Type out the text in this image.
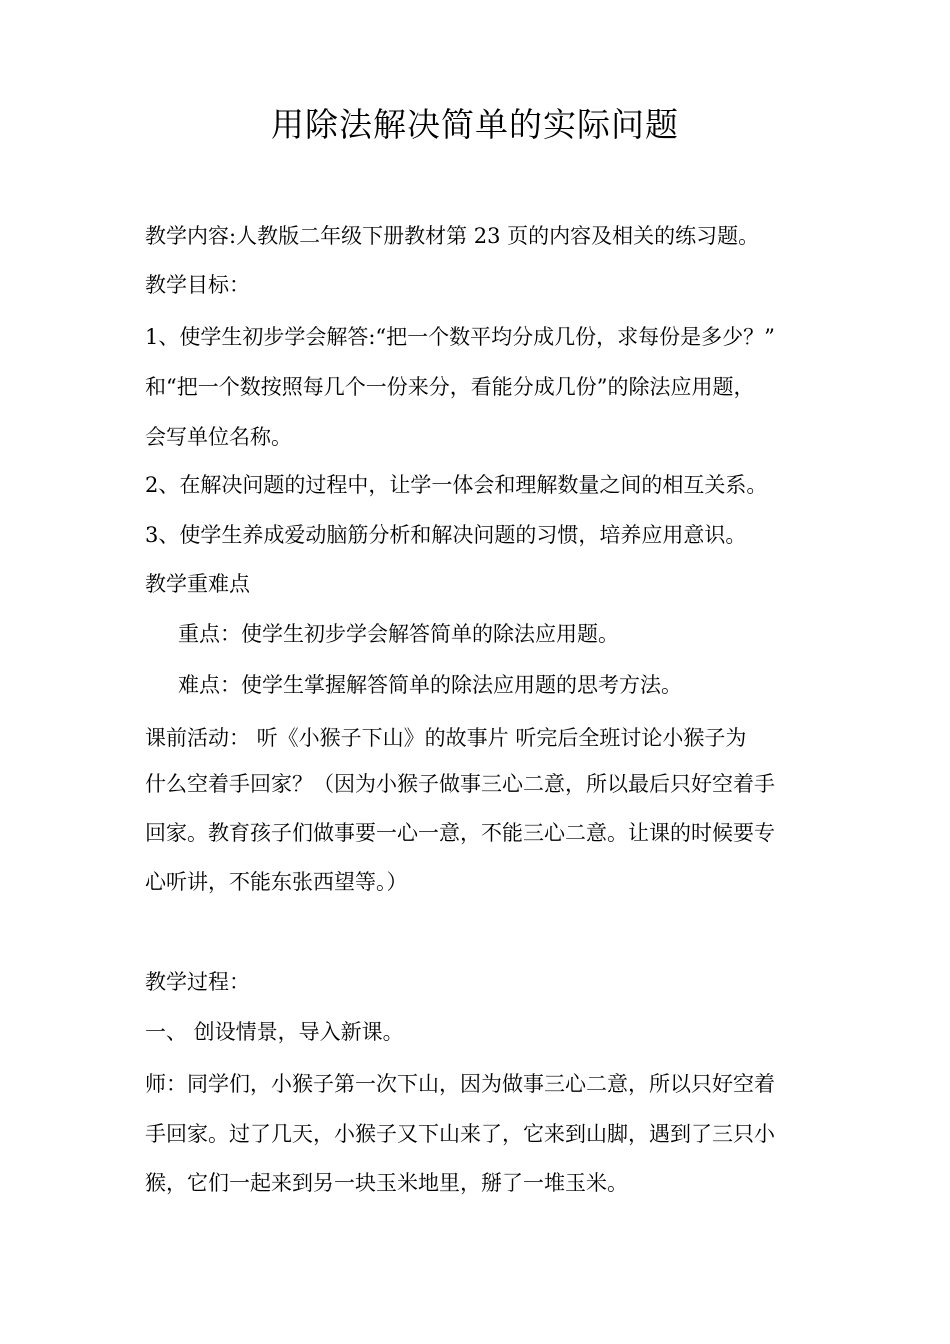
用除法解决简单的实际问题
教学内容:人教版二年级下册教材第 23 页的内容及相关的练习题。
教学目标：
1、使学生初步学会解答:“把一个数平均分成几份，求每份是多少？”
和“把一个数按照每几个一份来分，看能分成几份”的除法应用题，
会写单位名称。
2、在解决问题的过程中，让学一体会和理解数量之间的相互关系。
3、使学生养成爱动脑筋分析和解决问题的习惯，培养应用意识。
教学重难点
重点：使学生初步学会解答简单的除法应用题。
难点：使学生掌握解答简单的除法应用题的思考方法。
课前活动： 听《小猴子下山》的故事片 听完后全班讨论小猴子为
什么空着手回家？（因为小猴子做事三心二意，所以最后只好空着手
回家。教育孩子们做事要一心一意，不能三心二意。让课的时候要专
心听讲，不能东张西望等。）
教学过程：
一、 创设情景，导入新课。
师：同学们，小猴子第一次下山，因为做事三心二意，所以只好空着
手回家。过了几天，小猴子又下山来了，它来到山脚，遇到了三只小
猴，它们一起来到另一块玉米地里，掰了一堆玉米。
